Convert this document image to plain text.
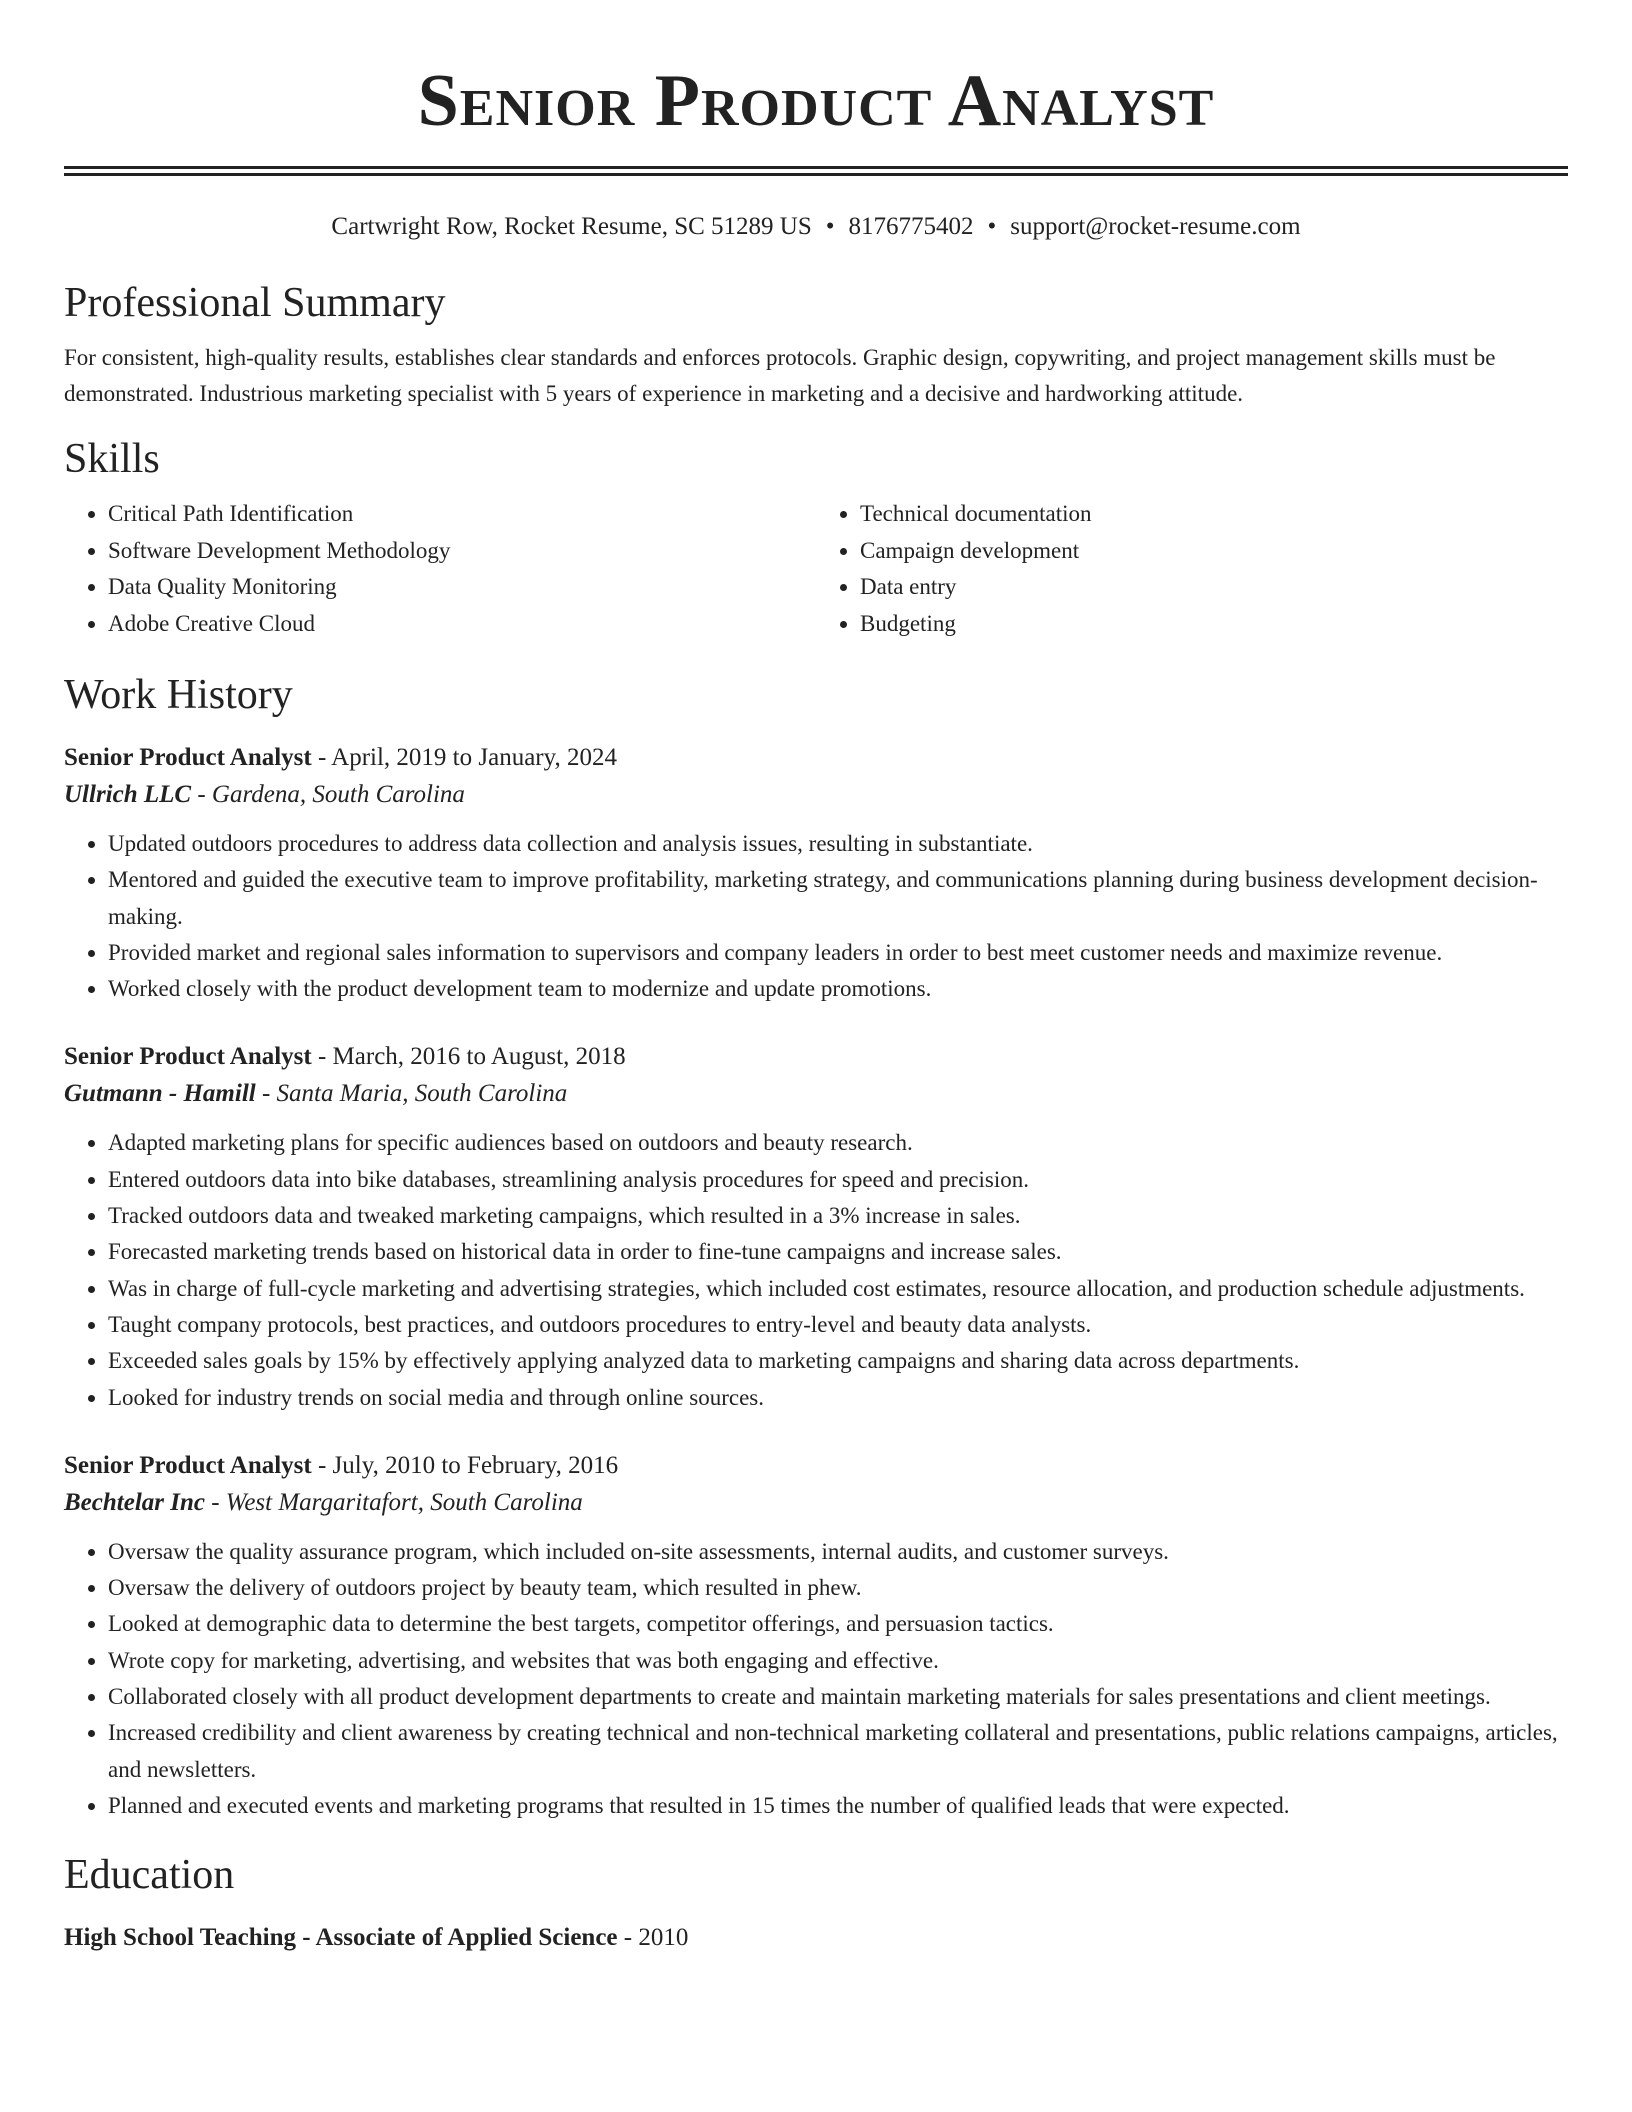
Senior Product Analyst
Cartwright Row, Rocket Resume, SC 51289 US • 8176775402 • support@rocket-resume.com
Professional Summary

For consistent, high-quality results, establishes clear standards and enforces protocols. Graphic design, copywriting, and project management skills must be demonstrated. Industrious marketing specialist with 5 years of experience in marketing and a decisive and hardworking attitude.

Skills
• Critical Path Identification
• Software Development Methodology
• Data Quality Monitoring
• Adobe Creative Cloud
• Technical documentation
• Campaign development
• Data entry
• Budgeting
Work History
Senior Product Analyst - April, 2019 to January, 2024
Ullrich LLC - Gardena, South Carolina
• Updated outdoors procedures to address data collection and analysis issues, resulting in substantiate.
• Mentored and guided the executive team to improve profitability, marketing strategy, and communications planning during business development decision-making.
• Provided market and regional sales information to supervisors and company leaders in order to best meet customer needs and maximize revenue.
• Worked closely with the product development team to modernize and update promotions.
Senior Product Analyst - March, 2016 to August, 2018
Gutmann - Hamill - Santa Maria, South Carolina
• Adapted marketing plans for specific audiences based on outdoors and beauty research.
• Entered outdoors data into bike databases, streamlining analysis procedures for speed and precision.
• Tracked outdoors data and tweaked marketing campaigns, which resulted in a 3% increase in sales.
• Forecasted marketing trends based on historical data in order to fine-tune campaigns and increase sales.
• Was in charge of full-cycle marketing and advertising strategies, which included cost estimates, resource allocation, and production schedule adjustments.
• Taught company protocols, best practices, and outdoors procedures to entry-level and beauty data analysts.
• Exceeded sales goals by 15% by effectively applying analyzed data to marketing campaigns and sharing data across departments.
• Looked for industry trends on social media and through online sources.
Senior Product Analyst - July, 2010 to February, 2016
Bechtelar Inc - West Margaritafort, South Carolina
• Oversaw the quality assurance program, which included on-site assessments, internal audits, and customer surveys.
• Oversaw the delivery of outdoors project by beauty team, which resulted in phew.
• Looked at demographic data to determine the best targets, competitor offerings, and persuasion tactics.
• Wrote copy for marketing, advertising, and websites that was both engaging and effective.
• Collaborated closely with all product development departments to create and maintain marketing materials for sales presentations and client meetings.
• Increased credibility and client awareness by creating technical and non-technical marketing collateral and presentations, public relations campaigns, articles, and newsletters.
• Planned and executed events and marketing programs that resulted in 15 times the number of qualified leads that were expected.
Education
High School Teaching - Associate of Applied Science - 2010
